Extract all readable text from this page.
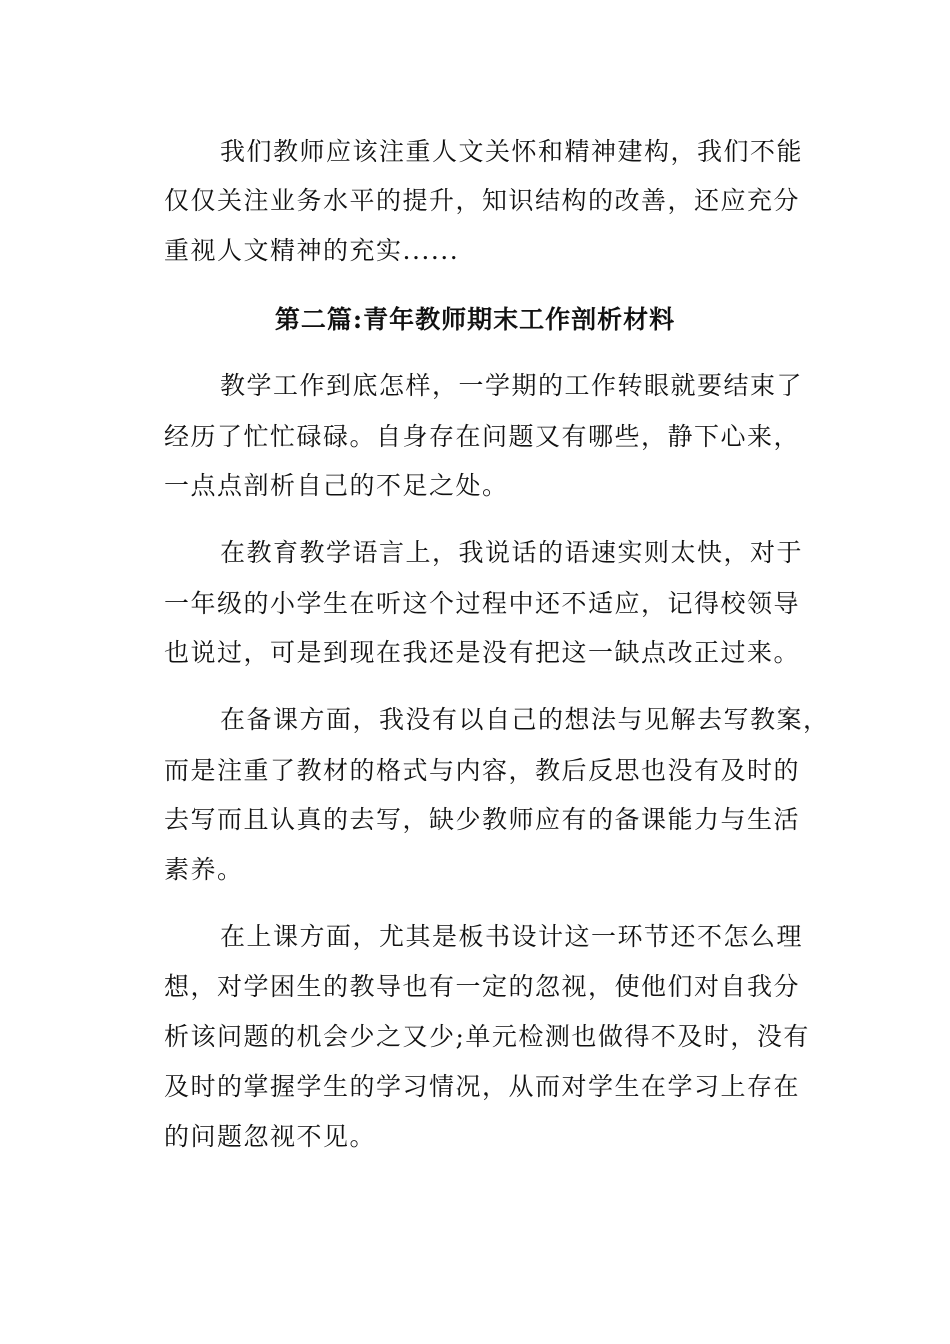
我们教师应该注重人文关怀和精神建构，我们不能
仅仅关注业务水平的提升，知识结构的改善，还应充分
重视人文精神的充实......
第二篇:青年教师期末工作剖析材料
教学工作到底怎样，一学期的工作转眼就要结束了
经历了忙忙碌碌。自身存在问题又有哪些，静下心来，
一点点剖析自己的不足之处。
在教育教学语言上，我说话的语速实则太快，对于
一年级的小学生在听这个过程中还不适应，记得校领导
也说过，可是到现在我还是没有把这一缺点改正过来。
在备课方面，我没有以自己的想法与见解去写教案，
而是注重了教材的格式与内容，教后反思也没有及时的
去写而且认真的去写，缺少教师应有的备课能力与生活
素养。
在上课方面，尤其是板书设计这一环节还不怎么理
想，对学困生的教导也有一定的忽视，使他们对自我分
析该问题的机会少之又少;单元检测也做得不及时，没有
及时的掌握学生的学习情况，从而对学生在学习上存在
的问题忽视不见。
